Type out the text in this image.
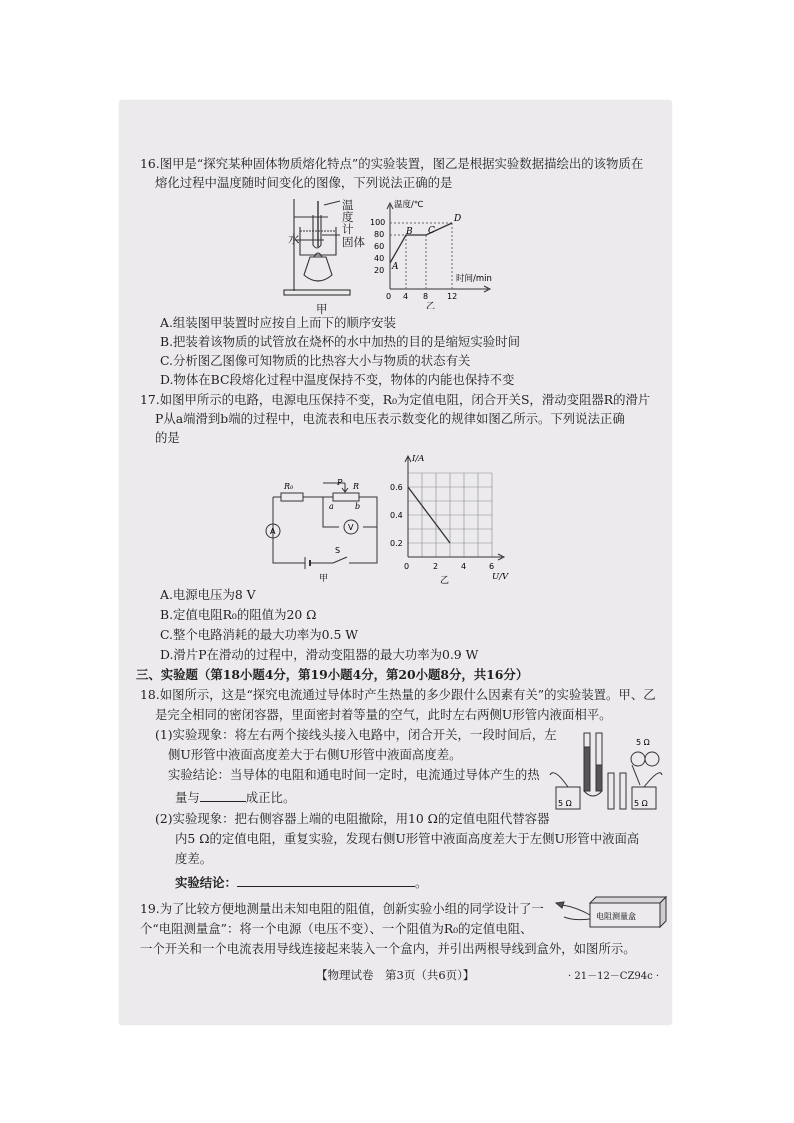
16.图甲是“探究某种固体物质熔化特点”的实验装置，图乙是根据实验数据描绘出的该物质在
熔化过程中温度随时间变化的图像，下列说法正确的是
温
度
计
固体
水
甲
B C
D
A
100
80
60
40
20
0 4 8 12
温度/℃
时间/min
乙
A.组装图甲装置时应按自上而下的顺序安装
B.把装着该物质的试管放在烧杯的水中加热的目的是缩短实验时间
C.分析图乙图像可知物质的比热容大小与物质的状态有关
D.物体在BC段熔化过程中温度保持不变，物体的内能也保持不变
17.如图甲所示的电路，电源电压保持不变，R₀为定值电阻，闭合开关S，滑动变阻器R的滑片
P从a端滑到b端的过程中，电流表和电压表示数变化的规律如图乙所示。下列说法正确
的是
A	V
R₀	P R
a	b
S
甲
I/A
0.6
0.4
0.2
0	2	4	6
U/V
乙
A.电源电压为8 V
B.定值电阻R₀的阻值为20 Ω
C.整个电路消耗的最大功率为0.5 W
D.滑片P在滑动的过程中，滑动变阻器的最大功率为0.9 W
三、实验题（第18小题4分，第19小题4分，第20小题8分，共16分）
18.如图所示，这是“探究电流通过导体时产生热量的多少跟什么因素有关”的实验装置。甲、乙
是完全相同的密闭容器，里面密封着等量的空气，此时左右两侧U形管内液面相平。
(1)实验现象：将左右两个接线头接入电路中，闭合开关，一段时间后，左
侧U形管中液面高度差大于右侧U形管中液面高度差。
实验结论：当导体的电阻和通电时间一定时，电流通过导体产生的热
量与	成正比。
(2)实验现象：把右侧容器上端的电阻撤除，用10 Ω的定值电阻代替容器
内5 Ω的定值电阻，重复实验，发现右侧U形管中液面高度差大于左侧U形管中液面高
度差。
实验结论：	。
5 Ω
5 Ω	5 Ω
19.为了比较方便地测量出未知电阻的阻值，创新实验小组的同学设计了一
个“电阻测量盒”：将一个电源（电压不变）、一个阻值为R₀的定值电阻、
一个开关和一个电流表用导线连接起来装入一个盒内，并引出两根导线到盒外，如图所示。
电阻测量盒
【物理试卷　第3页（共6页）】	· 21－12－CZ94c ·
